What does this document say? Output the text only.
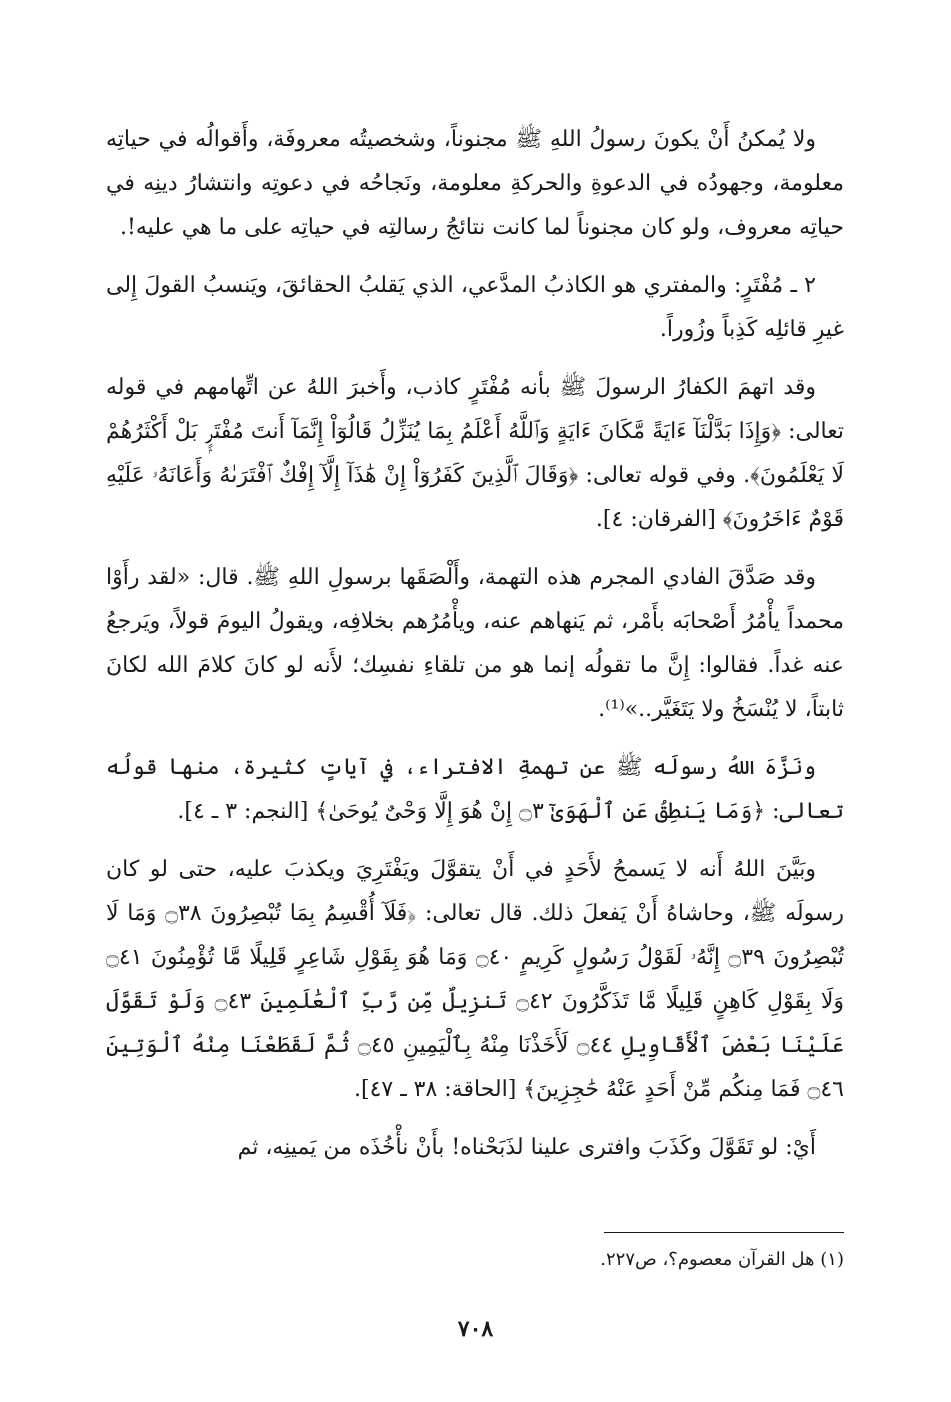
ولا يُمكنُ أَنْ يكونَ رسولُ اللهِ ﷺ مجنوناً، وشخصيتُه معروفَة، وأَقوالُه في حياتِه معلومة، وجهودُه في الدعوةِ والحركةِ معلومة، ونَجاحُه في دعوتِه وانتشارُ دينِه في حياتِه معروف، ولو كان مجنوناً لما كانت نتائجُ رسالتِه في حياتِه على ما هي عليه!.

٢ ـ مُفْتَرٍ: والمفتري هو الكاذبُ المدَّعي، الذي يَقلبُ الحقائقَ، ويَنسبُ القولَ إِلى غيرِ قائلِه كَذِباً وزُوراً.

وقد اتهمَ الكفارُ الرسولَ ﷺ بأنه مُفْتَرٍ كاذب، وأَخبرَ اللهُ عن اتِّهامهم في قوله تعالى: ﴿وَإِذَا بَدَّلْنَآ ءَايَةً مَّكَانَ ءَايَةٍ وَٱللَّهُ أَعْلَمُ بِمَا يُنَزِّلُ قَالُوٓاْ إِنَّمَآ أَنتَ مُفْتَرٍۭ بَلْ أَكْثَرُهُمْ لَا يَعْلَمُونَ﴾. وفي قوله تعالى: ﴿وَقَالَ ٱلَّذِينَ كَفَرُوٓاْ إِنْ هَٰذَآ إِلَّآ إِفْكٌ ٱفْتَرَىٰهُ وَأَعَانَهُۥ عَلَيْهِ قَوْمٌ ءَاخَرُونَ﴾ [الفرقان: ٤].

وقد صَدَّقَ الفادي المجرم هذه التهمة، وأَلْصَقَها برسولِ اللهِ ﷺ. قال: «لقد رأَوْا محمداً يأْمُرُ أَصْحابَه بأَمْر، ثم يَنهاهم عنه، ويأْمُرُهم بخلافِه، ويقولُ اليومَ قولاً، ويَرجعُ عنه غداً. فقالوا: إِنَّ ما تقولُه إنما هو من تلقاءِ نفسِك؛ لأَنه لو كانَ كلامَ الله لكانَ ثابتاً، لا يُنْسَخُ ولا يَتَغَيَّر..»⁽¹⁾.

ونَزَّهَ اللهُ رسولَه ﷺ عن تهمةِ الافتراء، في آياتٍ كثيرة، منها قولُه تعالى: ﴿وَمَا يَنطِقُ عَنِ ٱلْهَوَىٰٓ ۝٣ إِنْ هُوَ إِلَّا وَحْىٌ يُوحَىٰ﴾ [النجم: ٣ ـ ٤].

وبَيَّنَ اللهُ أَنه لا يَسمحُ لأَحَدٍ في أَنْ يتقوَّلَ ويَفْتَرِيَ ويكذبَ عليه، حتى لو كان رسولَه ﷺ، وحاشاهُ أَنْ يَفعلَ ذلك. قال تعالى: ﴿فَلَآ أُقْسِمُ بِمَا تُبْصِرُونَ ۝٣٨ وَمَا لَا تُبْصِرُونَ ۝٣٩ إِنَّهُۥ لَقَوْلُ رَسُولٍ كَرِيمٍ ۝٤٠ وَمَا هُوَ بِقَوْلِ شَاعِرٍ قَلِيلًا مَّا تُؤْمِنُونَ ۝٤١ وَلَا بِقَوْلِ كَاهِنٍ قَلِيلًا مَّا تَذَكَّرُونَ ۝٤٢ تَنزِيلٌ مِّن رَّبِّ ٱلْعَٰلَمِينَ ۝٤٣ وَلَوْ تَقَوَّلَ عَلَيْنَا بَعْضَ ٱلْأَقَاوِيلِ ۝٤٤ لَأَخَذْنَا مِنْهُ بِٱلْيَمِينِ ۝٤٥ ثُمَّ لَقَطَعْنَا مِنْهُ ٱلْوَتِينَ ۝٤٦ فَمَا مِنكُم مِّنْ أَحَدٍ عَنْهُ حَٰجِزِينَ﴾ [الحاقة: ٣٨ ـ ٤٧].

أَيْ: لو تَقَوَّلَ وكَذَبَ وافترى علينا لذَبَحْناه! بأَنْ نأْخُذَه من يَمينِه، ثم

(١) هل القرآن معصوم؟، ص٢٢٧.
٧٠٨
